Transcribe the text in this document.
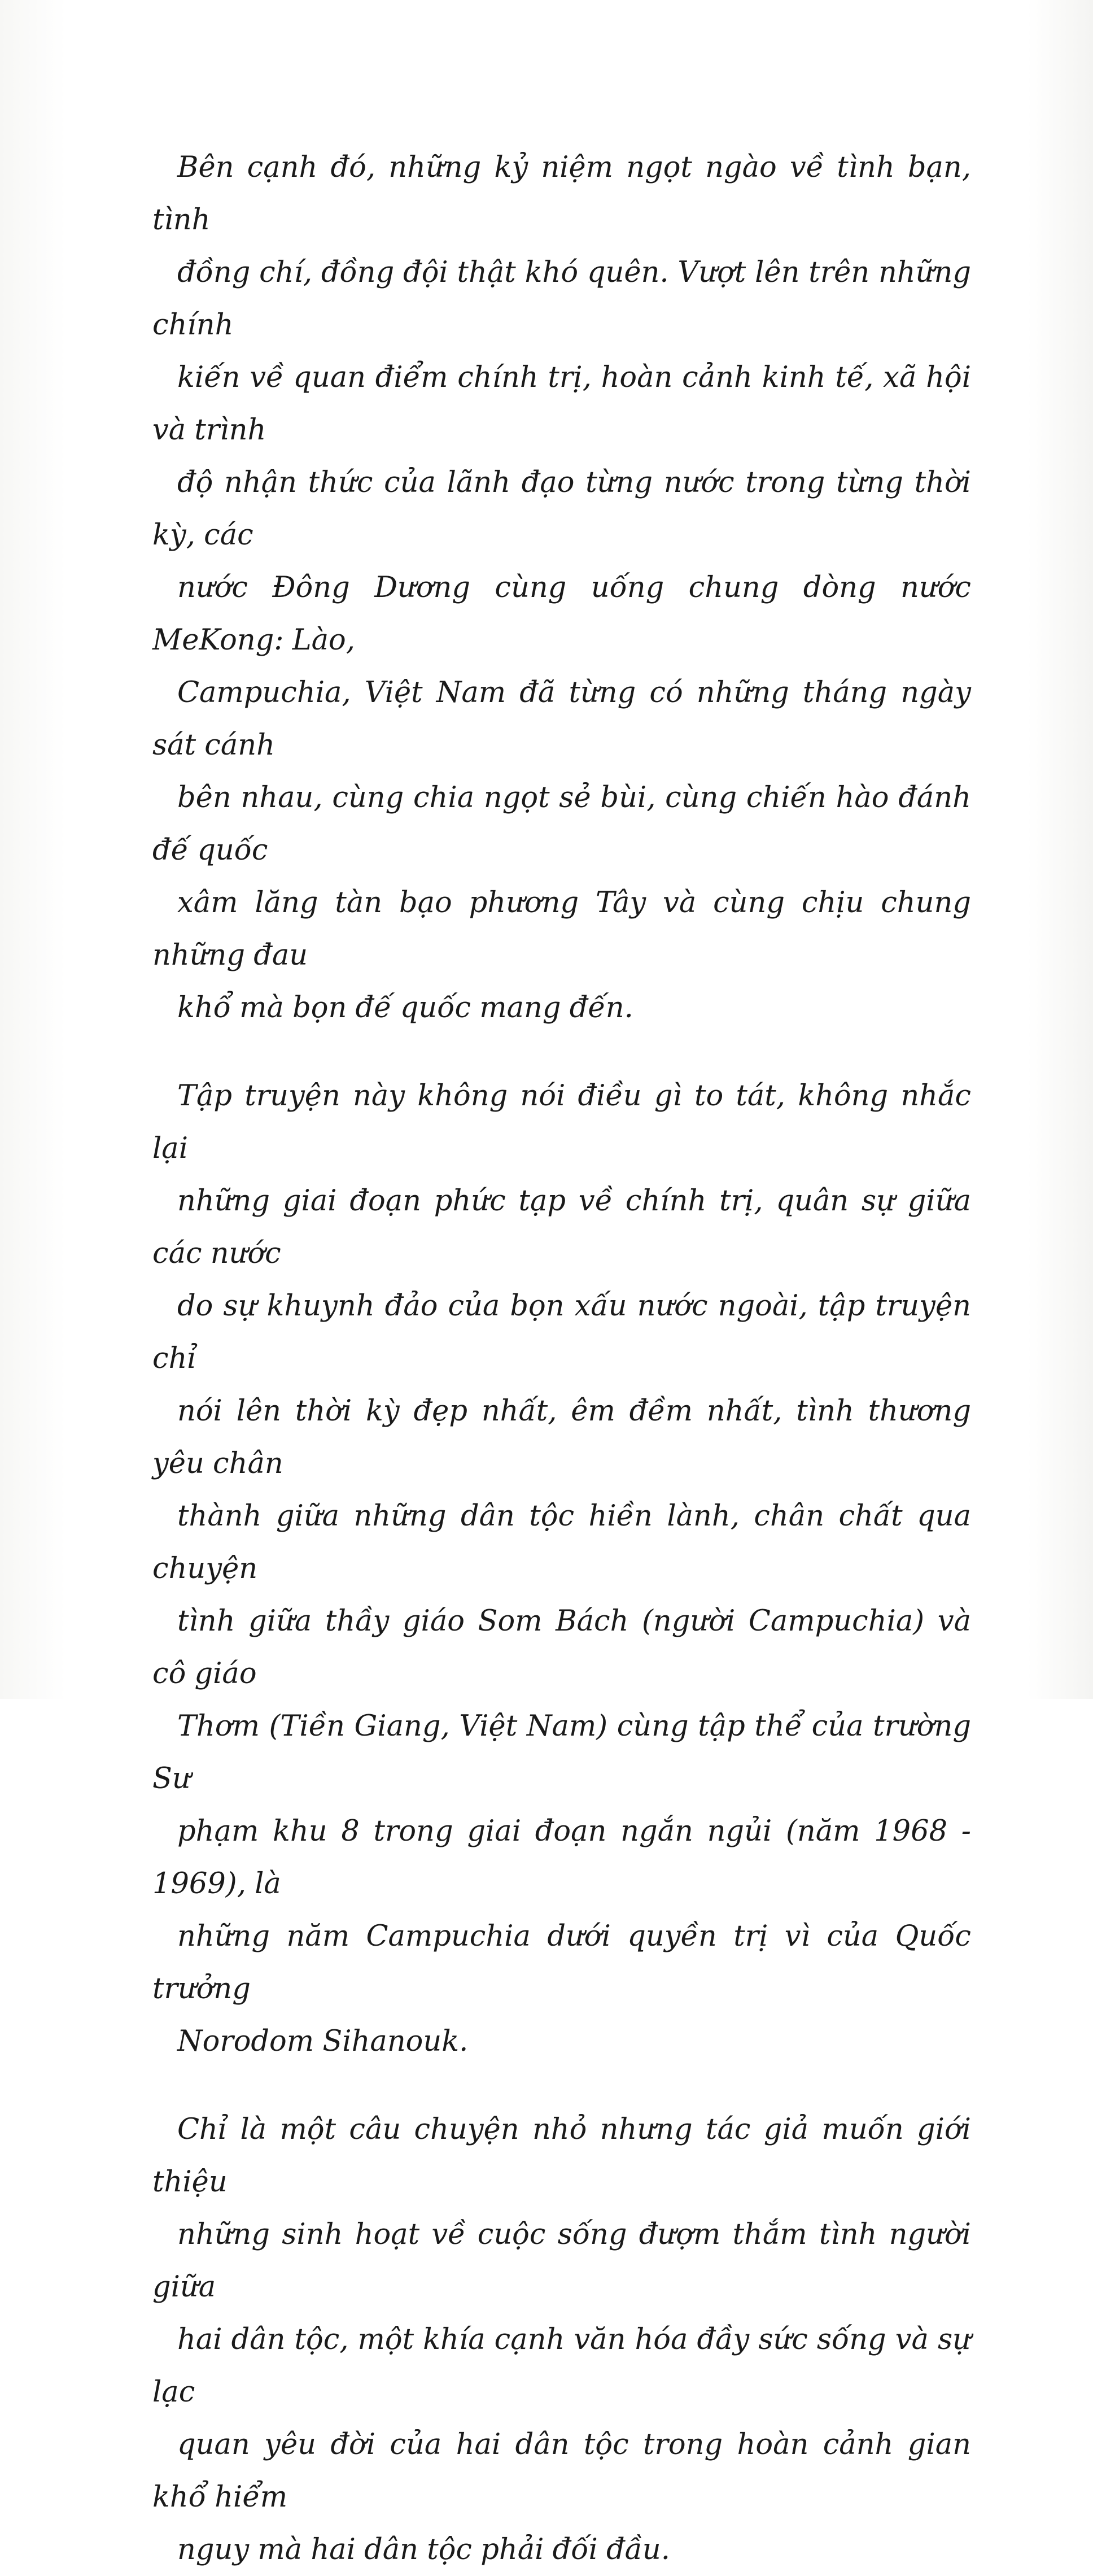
Bên cạnh đó, những kỷ niệm ngọt ngào về tình bạn, tình
đồng chí, đồng đội thật khó quên. Vượt lên trên những chính
kiến về quan điểm chính trị, hoàn cảnh kinh tế, xã hội và trình
độ nhận thức của lãnh đạo từng nước trong từng thời kỳ, các
nước Đông Dương cùng uống chung dòng nước MeKong: Lào,
Campuchia, Việt Nam đã từng có những tháng ngày sát cánh
bên nhau, cùng chia ngọt sẻ bùi, cùng chiến hào đánh đế quốc
xâm lăng tàn bạo phương Tây và cùng chịu chung những đau
khổ mà bọn đế quốc mang đến.

Tập truyện này không nói điều gì to tát, không nhắc lại
những giai đoạn phức tạp về chính trị, quân sự giữa các nước
do sự khuynh đảo của bọn xấu nước ngoài, tập truyện chỉ
nói lên thời kỳ đẹp nhất, êm đềm nhất, tình thương yêu chân
thành giữa những dân tộc hiền lành, chân chất qua chuyện
tình giữa thầy giáo Som Bách (người Campuchia) và cô giáo
Thơm (Tiền Giang, Việt Nam) cùng tập thể của trường Sư
phạm khu 8 trong giai đoạn ngắn ngủi (năm 1968 - 1969), là
những năm Campuchia dưới quyền trị vì của Quốc trưởng
Norodom Sihanouk.

Chỉ là một câu chuyện nhỏ nhưng tác giả muốn giới thiệu
những sinh hoạt về cuộc sống đượm thắm tình người giữa
hai dân tộc, một khía cạnh văn hóa đầy sức sống và sự lạc
quan yêu đời của hai dân tộc trong hoàn cảnh gian khổ hiểm
nguy mà hai dân tộc phải đối đầu.
